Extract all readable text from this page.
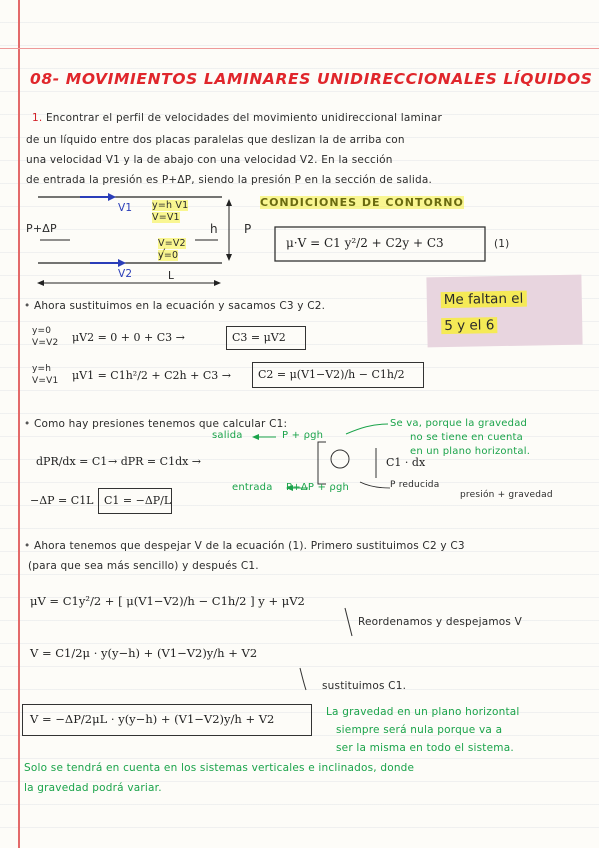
08- MOVIMIENTOS LAMINARES UNIDIRECCIONALES LÍQUIDOS
1. Encontrar el perfil de velocidades del movimiento unidireccional laminar
de un líquido entre dos placas paralelas que deslizan la de arriba con
una velocidad V1 y la de abajo con una velocidad V2. En la sección
de entrada la presión es P+ΔP, siendo la presión P en la sección de salida.
V1
V2
P+ΔP	P
h
L
y=h V1
V=V1
V=V2
y=0
CONDICIONES DE CONTORNO
μ·V = C1 y²/2 + C2y + C3	(1)
Me faltan el
5 y el 6
• Ahora sustituimos en la ecuación y sacamos C3 y C2.
y=0
V=V2 μV2 = 0 + 0 + C3 →	C3 = μV2
y=h
V=V1 μV1 = C1h²/2 + C2h + C3 → C2 = μ(V1−V2)/h − C1h/2
• Como hay presiones tenemos que calcular C1:	Se va, porque la gravedad
no se tiene en cuenta
en un plano horizontal.
salida	P + ρgh
dPR/dx = C1 → dPR = C1dx →	C1 · dx
entrada P+ΔP + ρgh	P reducida
presión + gravedad
−ΔP = C1L C1 = −ΔP/L
• Ahora tenemos que despejar V de la ecuación (1). Primero sustituimos C2 y C3
(para que sea más sencillo) y después C1.
μV = C1y²/2 + [ μ(V1−V2)/h − C1h/2 ] y + μV2
Reordenamos y despejamos V
V = C1/2μ · y(y−h) + (V1−V2)y/h + V2
sustituimos C1.
V = −ΔP/2μL · y(y−h) + (V1−V2)y/h + V2	La gravedad en un plano horizontal
siempre será nula porque va a
ser la misma en todo el sistema.
Solo se tendrá en cuenta en los sistemas verticales e inclinados, donde
la gravedad podrá variar.
